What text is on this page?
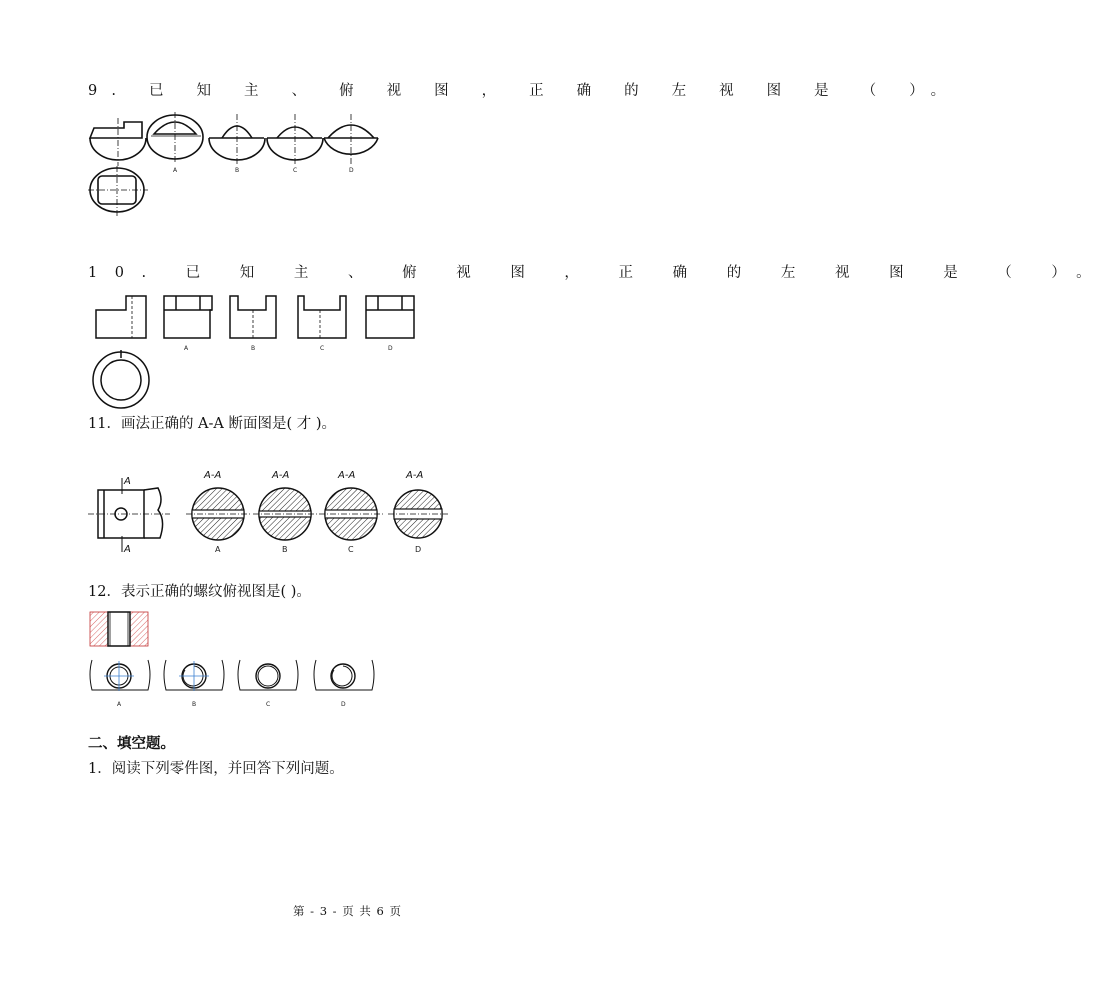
9. 已 知 主 、 俯 视 图 ， 正 确 的 左 视 图 是 （ ）。
A	B	C	D
10. 已 知 主 、 俯 视 图 ， 正 确 的 左 视 图 是 （ ）。
A	B	C	D
11．画法正确的 A-A 断面图是( 才 )。
A
A
A-A	A-A	A-A	A-A
A	B	C	D
12．表示正确的螺纹俯视图是( )。
A	B	C	D
二、填空题。
1．阅读下列零件图，并回答下列问题。
第 - 3 - 页 共 6 页
